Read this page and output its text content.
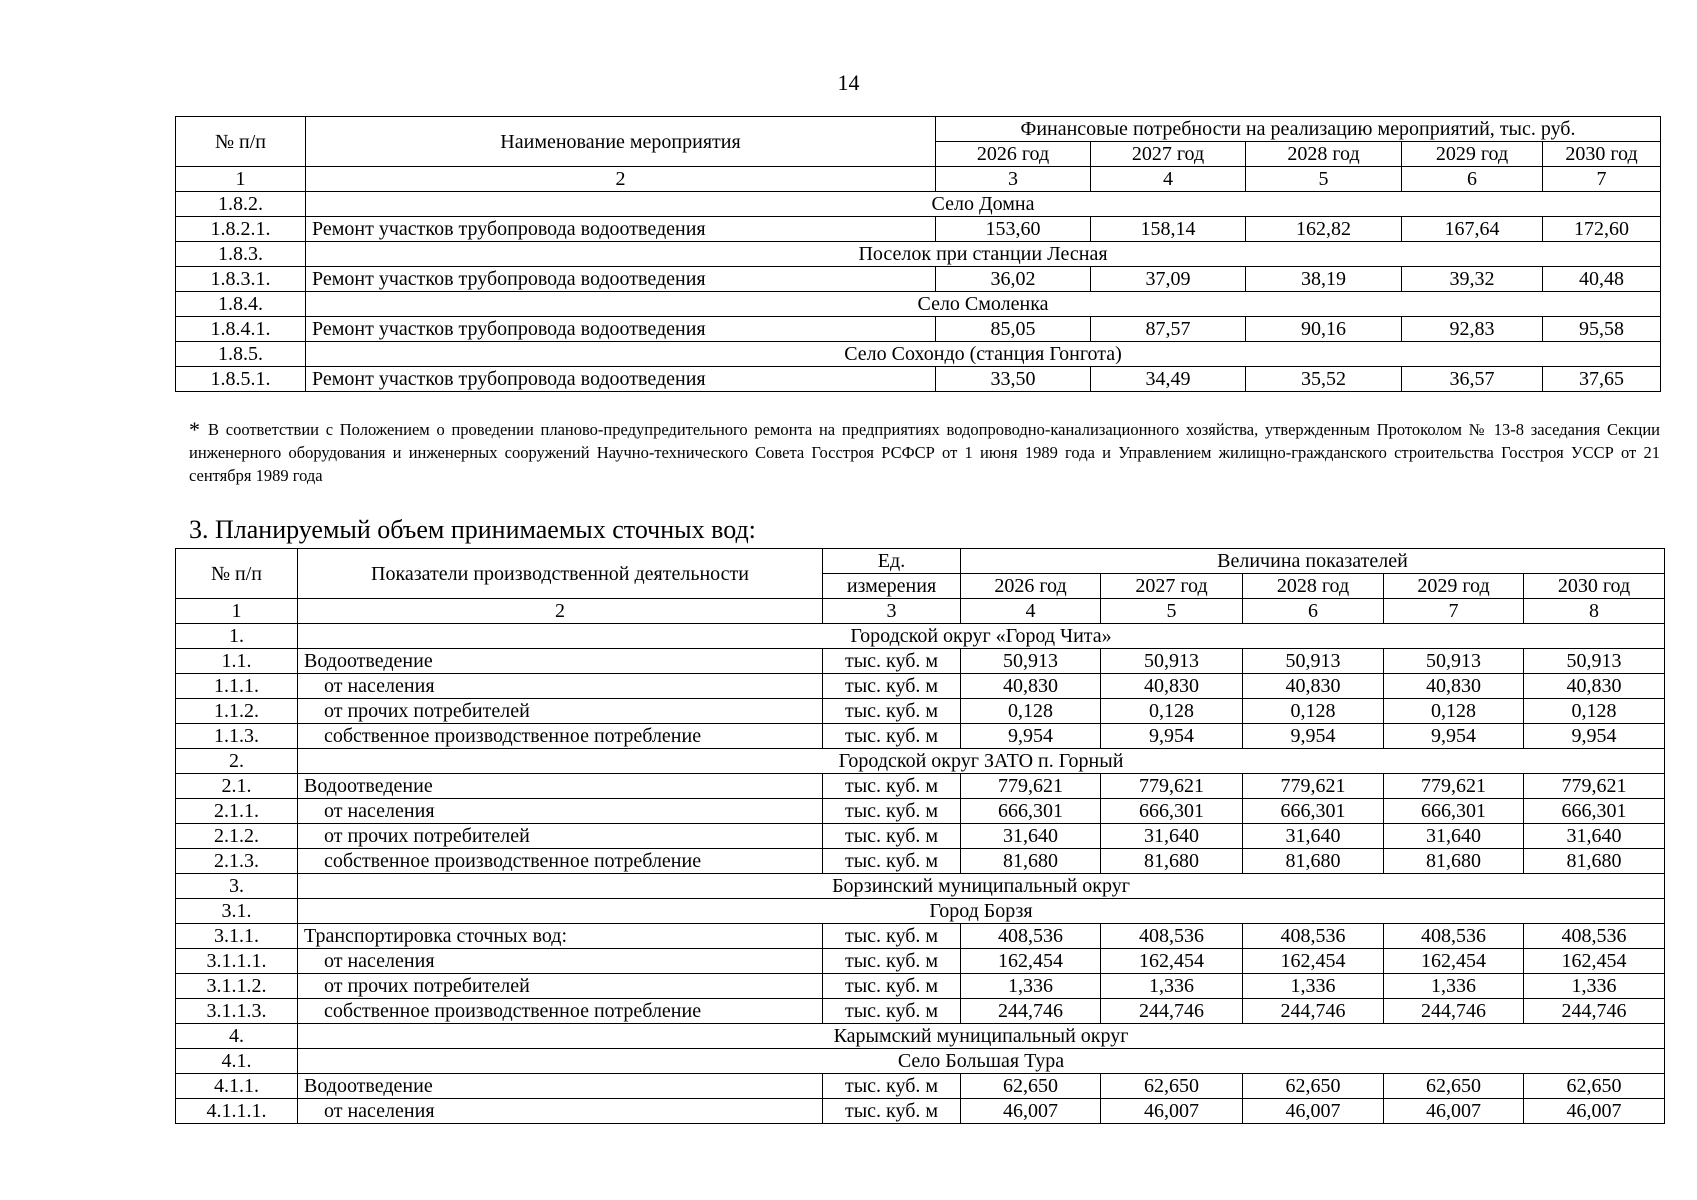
14
№ п/п	Наименование мероприятия	Финансовые потребности на реализацию мероприятий, тыс. руб.				
		2026 год	2027 год	2028 год	2029 год	2030 год
1	2	3	4	5	6	7
1.8.2.	Село Домна					
1.8.2.1.	Ремонт участков трубопровода водоотведения	153,60	158,14	162,82	167,64	172,60
1.8.3.	Поселок при станции Лесная					
1.8.3.1.	Ремонт участков трубопровода водоотведения	36,02	37,09	38,19	39,32	40,48
1.8.4.	Село Смоленка					
1.8.4.1.	Ремонт участков трубопровода водоотведения	85,05	87,57	90,16	92,83	95,58
1.8.5.	Село Сохондо (станция Гонгота)					
1.8.5.1.	Ремонт участков трубопровода водоотведения	33,50	34,49	35,52	36,57	37,65
* В соответствии с Положением о проведении планово-предупредительного ремонта на предприятиях водопроводно-канализационного хозяйства, утвержденным Протоколом № 13-8 заседания Секции инженерного оборудования и инженерных сооружений Научно-технического Совета Госстроя РСФСР от 1 июня 1989 года и Управлением жилищно-гражданского строительства Госстроя УССР от 21 сентября 1989 года
3. Планируемый объем принимаемых сточных вод:
№ п/п	Показатели производственной деятельности	Ед.	Величина показателей				
		измерения	2026 год	2027 год	2028 год	2029 год	2030 год
1	2	3	4	5	6	7	8
1.	Городской округ «Город Чита»						
1.1.	Водоотведение	тыс. куб. м	50,913	50,913	50,913	50,913	50,913
1.1.1.	от населения	тыс. куб. м	40,830	40,830	40,830	40,830	40,830
1.1.2.	от прочих потребителей	тыс. куб. м	0,128	0,128	0,128	0,128	0,128
1.1.3.	собственное производственное потребление	тыс. куб. м	9,954	9,954	9,954	9,954	9,954
2.	Городской округ ЗАТО п. Горный						
2.1.	Водоотведение	тыс. куб. м	779,621	779,621	779,621	779,621	779,621
2.1.1.	от населения	тыс. куб. м	666,301	666,301	666,301	666,301	666,301
2.1.2.	от прочих потребителей	тыс. куб. м	31,640	31,640	31,640	31,640	31,640
2.1.3.	собственное производственное потребление	тыс. куб. м	81,680	81,680	81,680	81,680	81,680
3.	Борзинский муниципальный округ						
3.1.	Город Борзя						
3.1.1.	Транспортировка сточных вод:	тыс. куб. м	408,536	408,536	408,536	408,536	408,536
3.1.1.1.	от населения	тыс. куб. м	162,454	162,454	162,454	162,454	162,454
3.1.1.2.	от прочих потребителей	тыс. куб. м	1,336	1,336	1,336	1,336	1,336
3.1.1.3.	собственное производственное потребление	тыс. куб. м	244,746	244,746	244,746	244,746	244,746
4.	Карымский муниципальный округ						
4.1.	Село Большая Тура						
4.1.1.	Водоотведение	тыс. куб. м	62,650	62,650	62,650	62,650	62,650
4.1.1.1.	от населения	тыс. куб. м	46,007	46,007	46,007	46,007	46,007
